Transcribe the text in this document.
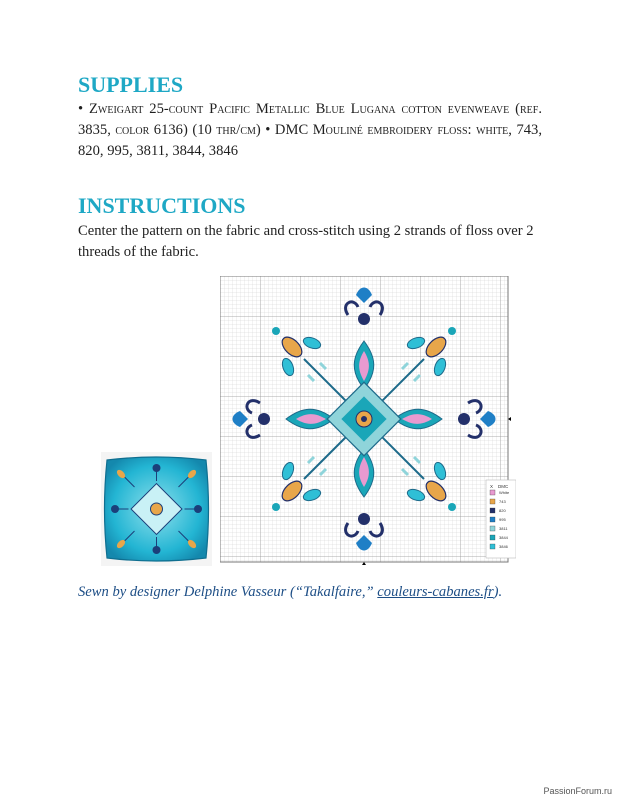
SUPPLIES

• Zweigart 25-count Pacific Metallic Blue Lugana cotton evenweave (ref. 3835, color 6136) (10 thr/cm) • DMC Mouliné embroidery floss: white, 743, 820, 995, 3811, 3844, 3846

INSTRUCTIONS

Center the pattern on the fabric and cross-stitch using 2 strands of floss over 2 threads of the fabric.

X DMC
White
743
820
995
3811
3844
3846

Sewn by designer Delphine Vasseur (“Takalfaire,” couleurs-cabanes.fr).

PassionForum.ru
